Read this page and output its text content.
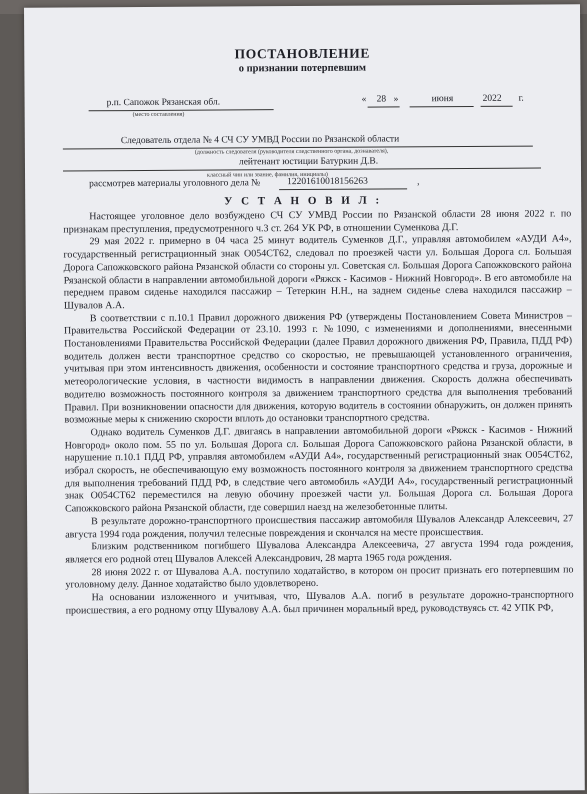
ПОСТАНОВЛЕНИЕ
о признании потерпевшим
р.п. Сапожок Рязанская обл.
(место составления)
« 28 »	июня	2022 г.
Следователь отдела № 4 СЧ СУ УМВД России по Рязанской области
(должность следователя (руководителя следственного органа, дознавателя),
лейтенант юстиции Батуркин Д.В.
классный чин или звание, фамилия, инициалы)
рассмотрев материалы уголовного дела №	12201610018156263	,
У С Т А Н О В И Л :

Настоящее уголовное дело возбуждено СЧ СУ УМВД России по Рязанской области 28 июня 2022 г. по признакам преступления, предусмотренного ч.3 ст. 264 УК РФ, в отношении Суменкова Д.Г.

29 мая 2022 г. примерно в 04 часа 25 минут водитель Суменков Д.Г., управляя автомобилем «АУДИ А4», государственный регистрационный знак О054СТ62, следовал по проезжей части ул. Большая Дорога сл. Большая Дорога Сапожковского района Рязанской области со стороны ул. Советская сл. Большая Дорога Сапожковского района Рязанской области в направлении автомобильной дороги «Ряжск - Касимов - Нижний Новгород». В его автомобиле на переднем правом сиденье находился пассажир – Тетеркин Н.Н., на заднем сиденье слева находился пассажир –Шувалов А.А.

В соответствии с п.10.1 Правил дорожного движения РФ (утверждены Постановлением Совета Министров – Правительства Российской Федерации от 23.10. 1993 г. №1090, с изменениями и дополнениями, внесенными Постановлениями Правительства Российской Федерации (далее Правил дорожного движения РФ, Правила, ПДД РФ) водитель должен вести транспортное средство со скоростью, не превышающей установленного ограничения, учитывая при этом интенсивность движения, особенности и состояние транспортного средства и груза, дорожные и метеорологические условия, в частности видимость в направлении движения. Скорость должна обеспечивать водителю возможность постоянного контроля за движением транспортного средства для выполнения требований Правил. При возникновении опасности для движения, которую водитель в состоянии обнаружить, он должен принять возможные меры к снижению скорости вплоть до остановки транспортного средства.

Однако водитель Суменков Д.Г. двигаясь в направлении автомобильной дороги «Ряжск - Касимов - Нижний Новгород» около пом. 55 по ул. Большая Дорога сл. Большая Дорога Сапожковского района Рязанской области, в нарушение п.10.1 ПДД РФ, управляя автомобилем «АУДИ А4», государственный регистрационный знак О054СТ62, избрал скорость, не обеспечивающую ему возможность постоянного контроля за движением транспортного средства для выполнения требований ПДД РФ, в следствие чего автомобиль «АУДИ А4», государственный регистрационный знак О054СТ62 переместился на левую обочину проезжей части ул. Большая Дорога сл. Большая Дорога Сапожковского района Рязанской области, где совершил наезд на железобетонные плиты.

В результате дорожно-транспортного происшествия пассажир автомобиля Шувалов Александр Алексеевич, 27 августа 1994 года рождения, получил телесные повреждения и скончался на месте происшествия.

Близким родственником погибшего Шувалова Александра Алексеевича, 27 августа 1994 года рождения, является его родной отец Шувалов Алексей Александрович, 28 марта 1965 года рождения.

28 июня 2022 г. от Шувалова А.А. поступило ходатайство, в котором он просит признать его потерпевшим по уголовному делу. Данное ходатайство было удовлетворено.

На основании изложенного и учитывая, что, Шувалов А.А. погиб в результате дорожно-транспортного происшествия, а его родному отцу Шувалову А.А. был причинен моральный вред, руководствуясь ст. 42 УПК РФ,
